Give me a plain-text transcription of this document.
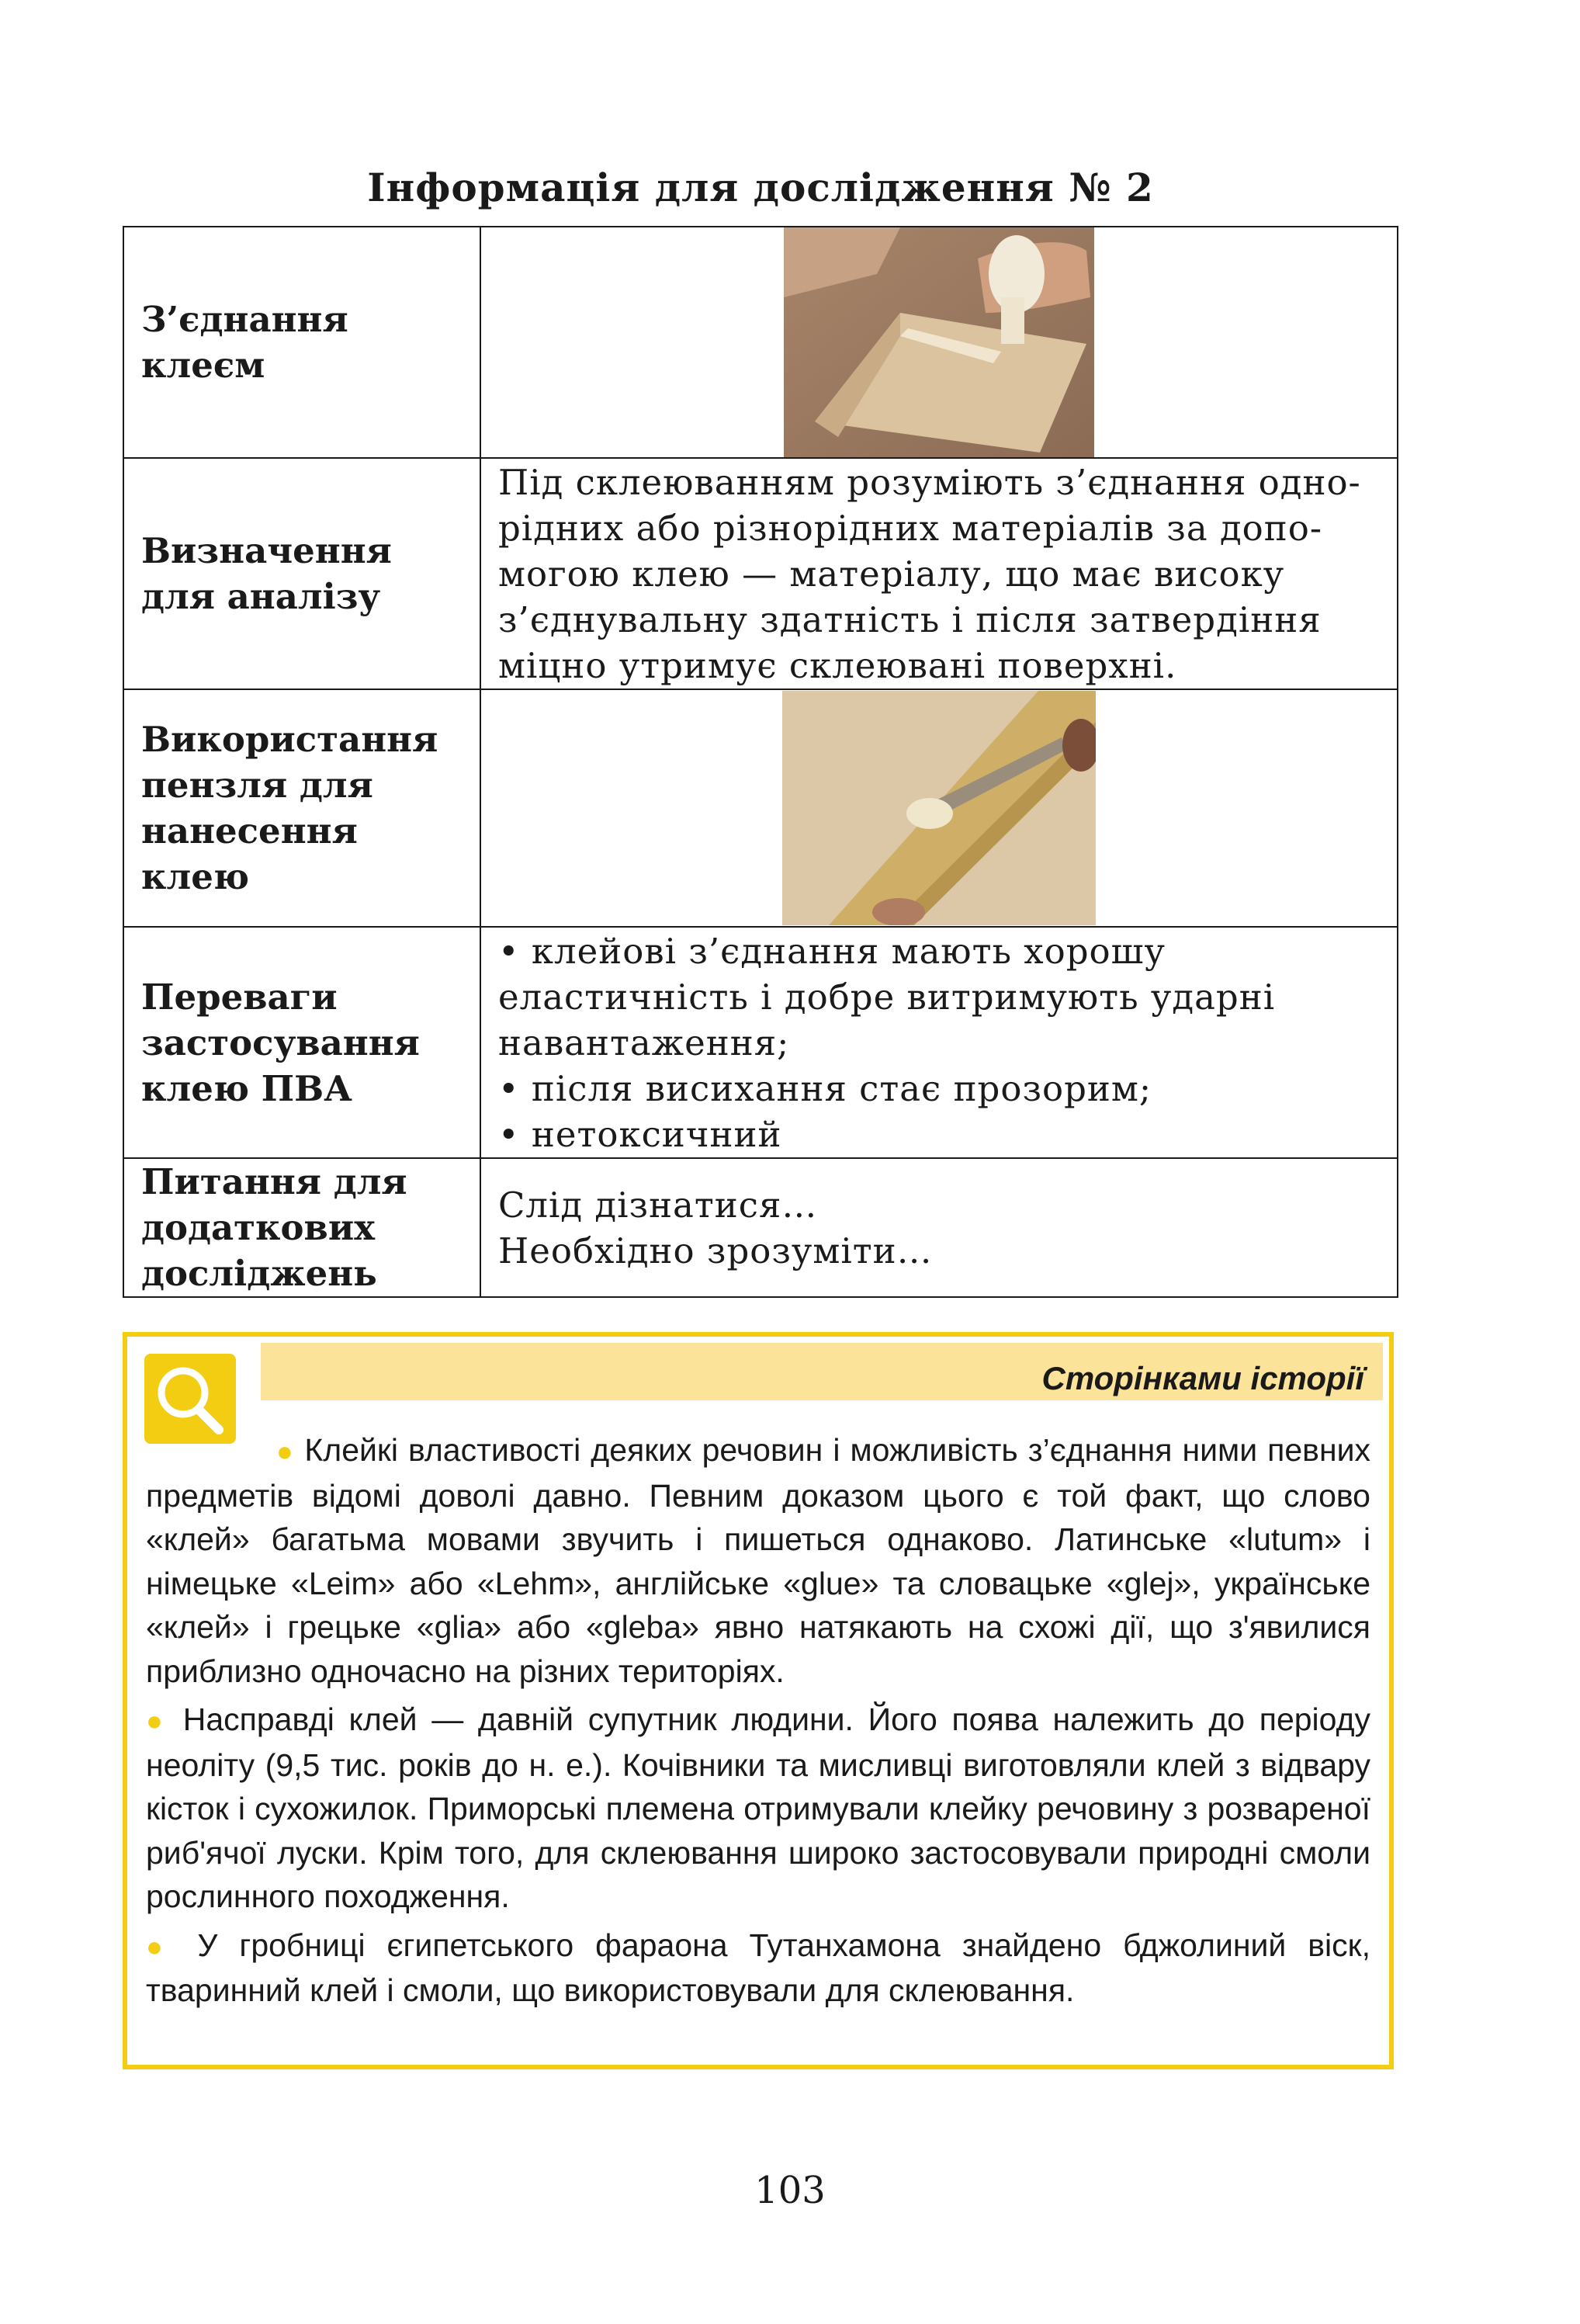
Інформація для дослідження № 2
З’єднання клеєм	

Визначення для аналізу	Під склеюванням розуміють з’єднання однорідних або різнорідних матеріалів за допомогою клею — матеріалу, що має високу з’єднувальну здатність і після затвердіння міцно утримує склеювані поверхні.
Використання пензля для нанесення клею	

Переваги застосування клею ПВА	• клейові з’єднання мають хорошу еластичність і добре витримують ударні навантаження;
• після висихання стає прозорим;
• нетоксичний

Питання для додаткових досліджень	Слід дізнатися…
Необхідно зрозуміти…
Сторінками історії

● Клейкі властивості деяких речовин і можливість з’єднання ними певних предметів відомі доволі давно. Певним доказом цього є той факт, що слово «клей» багатьма мовами звучить і пишеться однаково. Латинське «lutum» і німецьке «Leim» або «Lehm», англійське «glue» та словацьке «glej», українське «клей» і грецьке «glia» або «gleba» явно натякають на схожі дії, що з'явилися приблизно одночасно на різних територіях.

● Насправді клей — давній супутник людини. Його поява належить до періоду неоліту (9,5 тис. років до н. е.). Кочівники та мисливці виготовляли клей з відвару кісток і сухожилок. Приморські племена отримували клейку речовину з розвареної риб'ячої луски. Крім того, для склеювання широко застосовували природні смоли рослинного походження.

● У гробниці єгипетського фараона Тутанхамона знайдено бджолиний віск, тваринний клей і смоли, що використовували для склеювання.

103
